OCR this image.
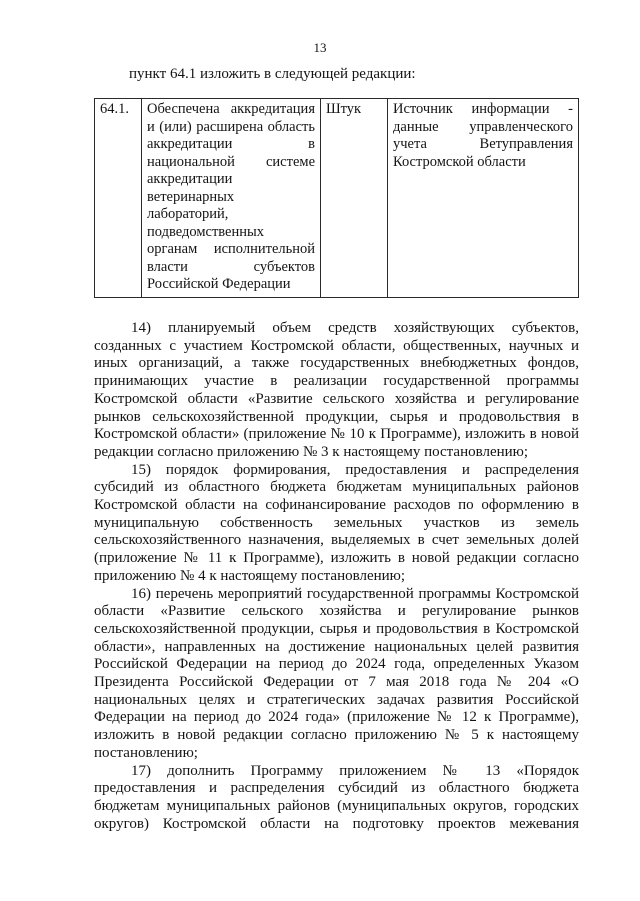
13
пункт 64.1 изложить в следующей редакции:
64.1.	Обеспечена аккредитация и (или) расширена область аккредитации в национальной системе аккредитации ветеринарных лабораторий, подведомственных органам исполнительной власти субъектов Российской Федерации	Штук	Источник информации - данные управленческого учета Ветуправления Костромской области

14) планируемый объем средств хозяйствующих субъектов, созданных с участием Костромской области, общественных, научных и иных организаций, а также государственных внебюджетных фондов, принимающих участие в реализации государственной программы Костромской области «Развитие сельского хозяйства и регулирование рынков сельскохозяйственной продукции, сырья и продовольствия в Костромской области» (приложение № 10 к Программе), изложить в новой редакции согласно приложению № 3 к настоящему постановлению;

15) порядок формирования, предоставления и распределения субсидий из областного бюджета бюджетам муниципальных районов Костромской области на софинансирование расходов по оформлению в муниципальную собственность земельных участков из земель сельскохозяйственного назначения, выделяемых в счет земельных долей (приложение № 11 к Программе), изложить в новой редакции согласно приложению № 4 к настоящему постановлению;

16) перечень мероприятий государственной программы Костромской области «Развитие сельского хозяйства и регулирование рынков сельскохозяйственной продукции, сырья и продовольствия в Костромской области», направленных на достижение национальных целей развития Российской Федерации на период до 2024 года, определенных Указом Президента Российской Федерации от 7 мая 2018 года № 204 «О национальных целях и стратегических задачах развития Российской Федерации на период до 2024 года» (приложение № 12 к Программе), изложить в новой редакции согласно приложению № 5 к настоящему постановлению;

17) дополнить Программу приложением № 13 «Порядок предоставления и распределения субсидий из областного бюджета бюджетам муниципальных районов (муниципальных округов, городских округов) Костромской области на подготовку проектов межевания
